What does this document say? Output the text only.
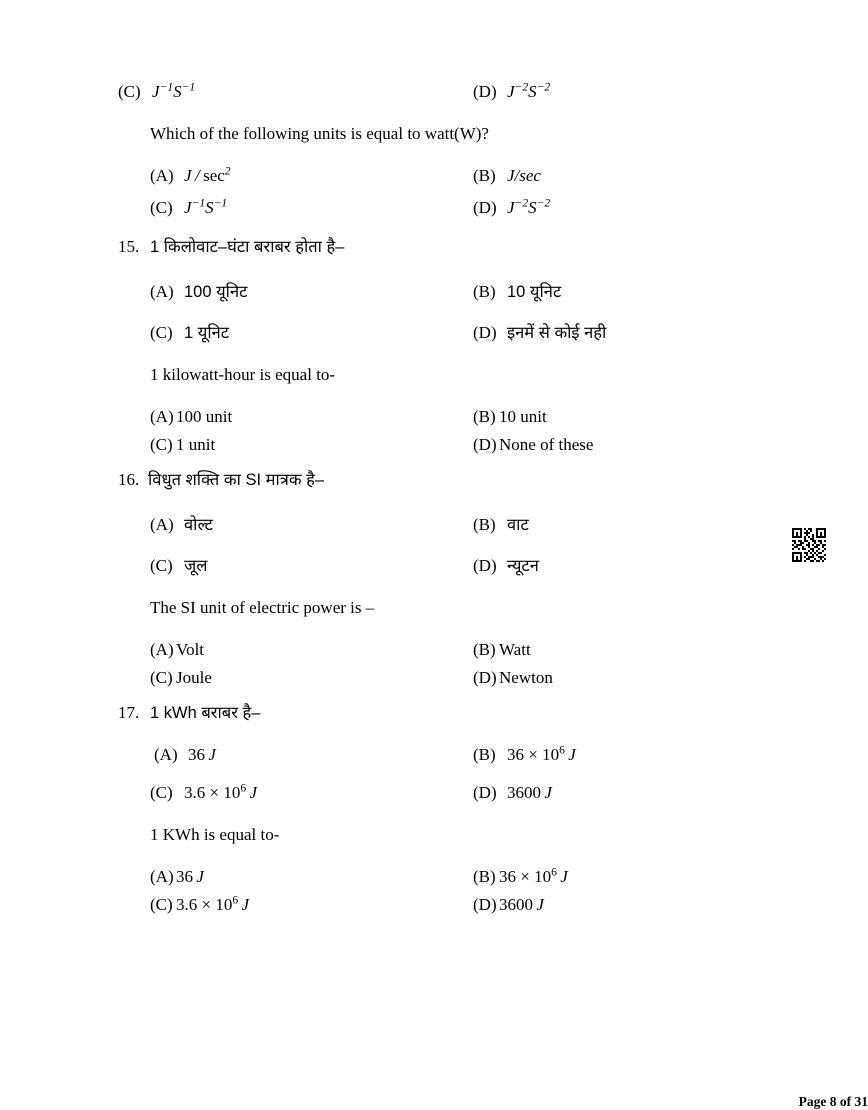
(C) $J^{-1}S^{-1}$	(D) $J^{-2}S^{-2}$
Which of the following units is equal to watt(W)?
(A) J / $\sec^2$	(B) J/sec
(C) $J^{-1}S^{-1}$	(D) $J^{-2}S^{-2}$
15. 1 किलोवाट–घंटा बराबर होता है–
(A) 100 यूनिट	(B) 10 यूनिट
(C) 1 यूनिट	(D) इनमें से कोई नही
1 kilowatt-hour is equal to-
(A) 100 unit	(B) 10 unit
(C) 1 unit	(D) None of these
16. विधुत शक्ति का SI मात्रक है–
(A) वोल्ट	(B) वाट
(C) जूल	(D) न्यूटन
The SI unit of electric power is –
(A) Volt	(B) Watt
(C) Joule	(D) Newton
17. 1 kWh बराबर है–
(A) 36 J	(B) $36 \times 10^6$ J
(C) $3.6 \times 10^6$ J	(D) 3600 J
1 KWh is equal to-
(A) 36 J	(B) $36 \times 10^6$ J
(C) $3.6 \times 10^6$ J	(D) 3600 J
Page 8 of 31
